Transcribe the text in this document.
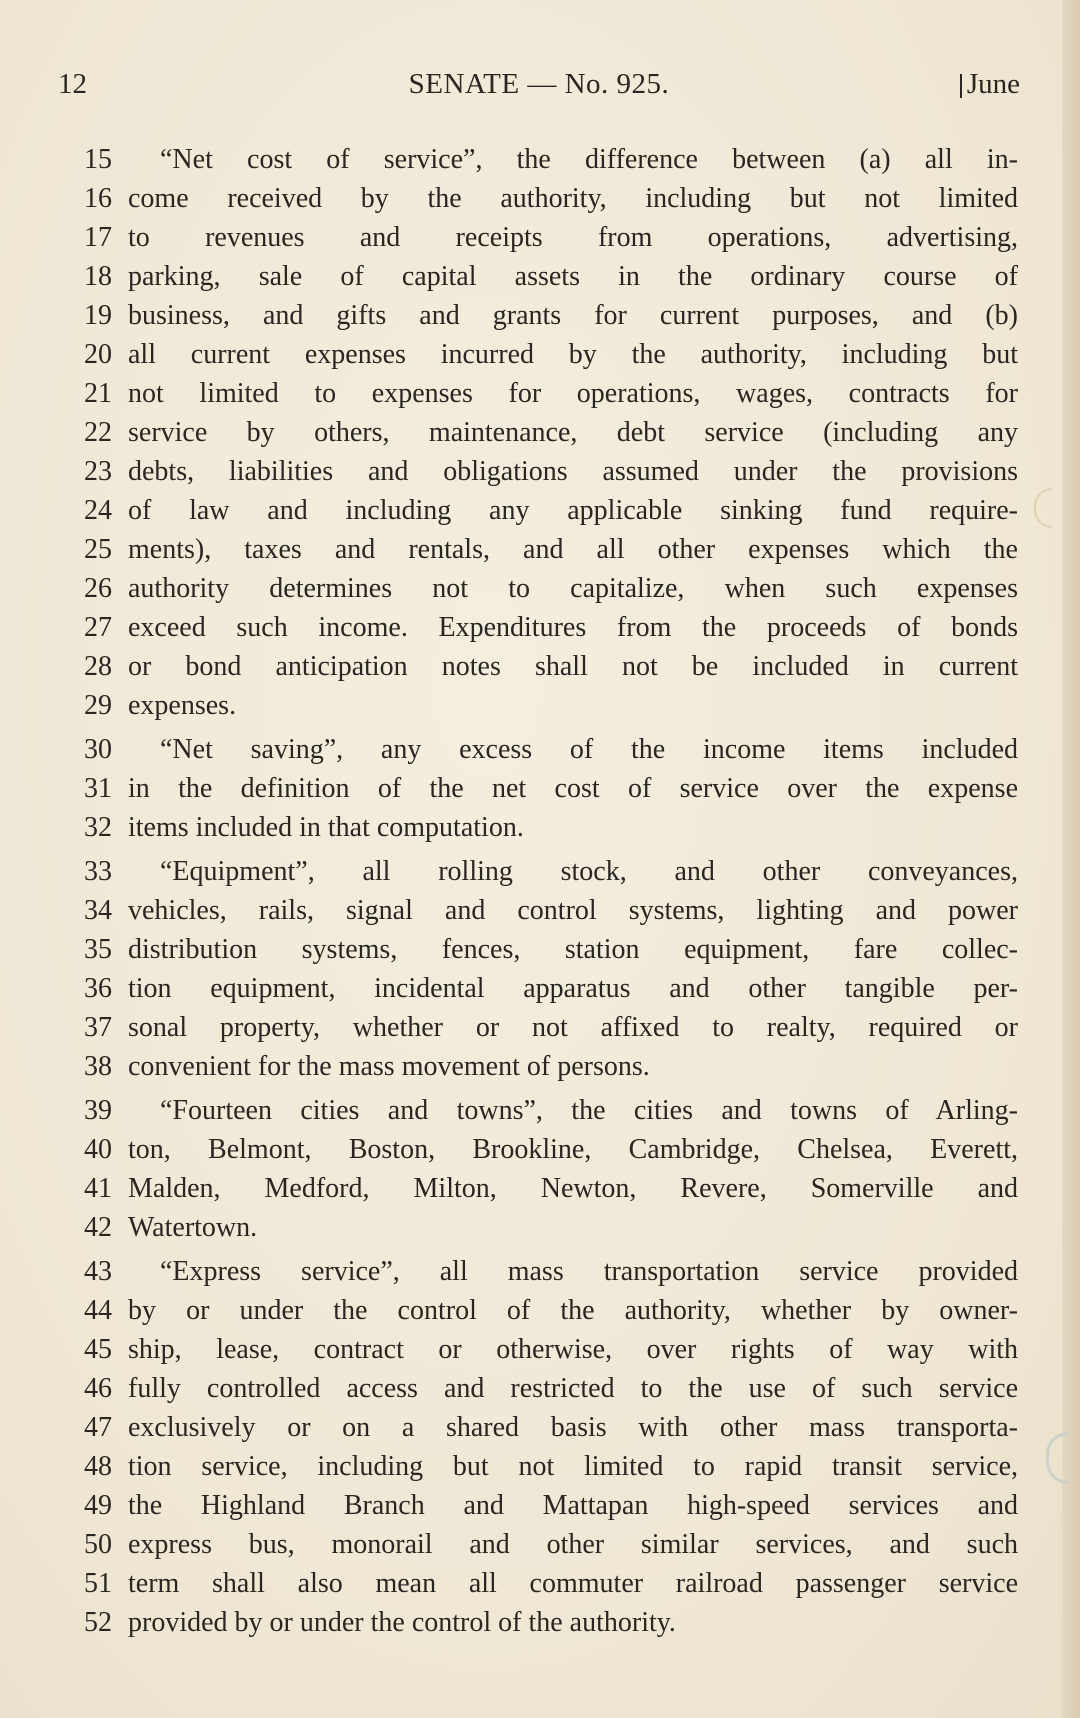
12	SENATE — No. 925.	June
15	“Net cost of service”, the difference between (a) all in-
16 come received by the authority, including but not limited
17 to revenues and receipts from operations, advertising,
18 parking, sale of capital assets in the ordinary course of
19 business, and gifts and grants for current purposes, and (b)
20 all current expenses incurred by the authority, including but
21 not limited to expenses for operations, wages, contracts for
22 service by others, maintenance, debt service (including any
23 debts, liabilities and obligations assumed under the provisions
24 of law and including any applicable sinking fund require-
25 ments), taxes and rentals, and all other expenses which the
26 authority determines not to capitalize, when such expenses
27 exceed such income. Expenditures from the proceeds of bonds
28 or bond anticipation notes shall not be included in current
29 expenses.
30	“Net saving”, any excess of the income items included
31 in the definition of the net cost of service over the expense
32 items included in that computation.
33	“Equipment”, all rolling stock, and other conveyances,
34 vehicles, rails, signal and control systems, lighting and power
35 distribution systems, fences, station equipment, fare collec-
36 tion equipment, incidental apparatus and other tangible per-
37 sonal property, whether or not affixed to realty, required or
38 convenient for the mass movement of persons.
39	“Fourteen cities and towns”, the cities and towns of Arling-
40 ton, Belmont, Boston, Brookline, Cambridge, Chelsea, Everett,
41 Malden, Medford, Milton, Newton, Revere, Somerville and
42 Watertown.
43	“Express service”, all mass transportation service provided
44 by or under the control of the authority, whether by owner-
45 ship, lease, contract or otherwise, over rights of way with
46 fully controlled access and restricted to the use of such service
47 exclusively or on a shared basis with other mass transporta-
48 tion service, including but not limited to rapid transit service,
49 the Highland Branch and Mattapan high-speed services and
50 express bus, monorail and other similar services, and such
51 term shall also mean all commuter railroad passenger service
52 provided by or under the control of the authority.
